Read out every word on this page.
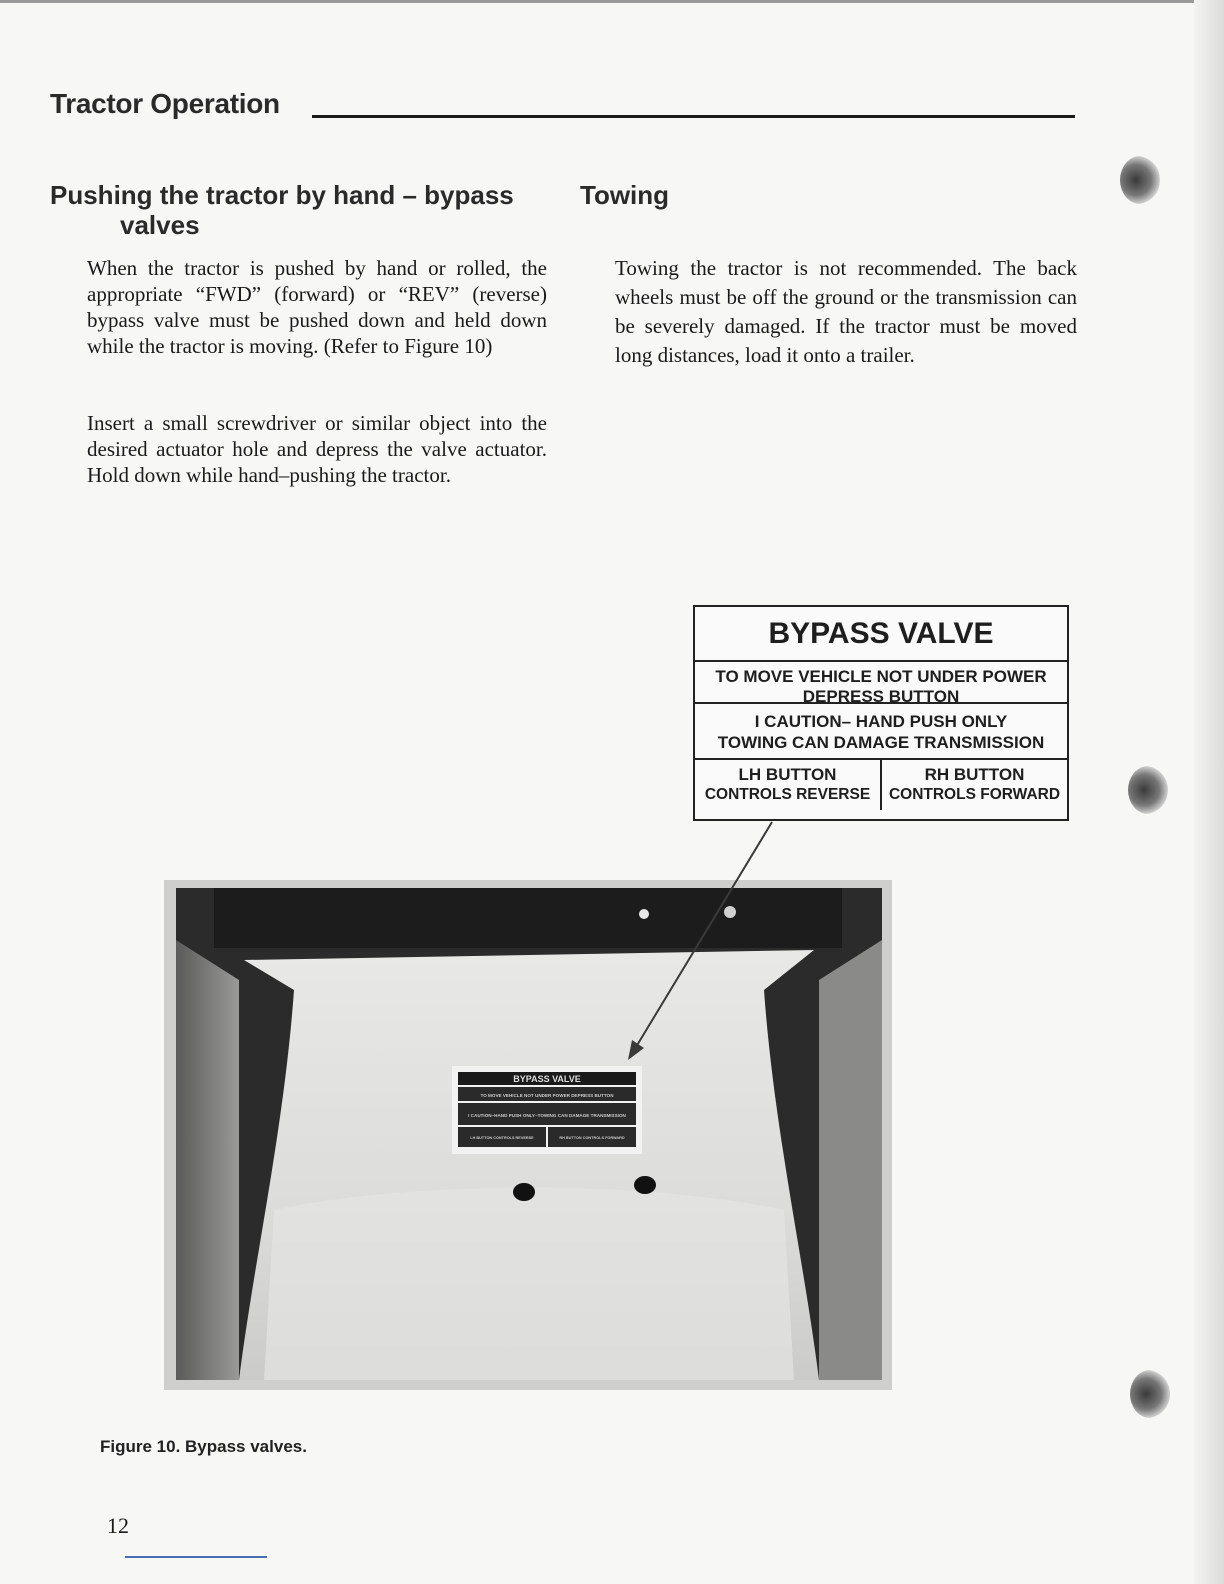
Tractor Operation
Pushing the tractor by hand – bypass
valves
Towing
When the tractor is pushed by hand or rolled, the appropriate “FWD” (forward) or “REV” (reverse) bypass valve must be pushed down and held down while the tractor is moving. (Refer to Figure 10)
Insert a small screwdriver or similar object into the desired actuator hole and depress the valve actuator. Hold down while hand–pushing the tractor.
Towing the tractor is not recommended. The back wheels must be off the ground or the transmission can be severely damaged. If the tractor must be moved long distances, load it onto a trailer.
BYPASS VALVE
TO MOVE VEHICLE NOT UNDER POWER
DEPRESS BUTTON
I CAUTION– HAND PUSH ONLY
TOWING CAN DAMAGE TRANSMISSION
LH BUTTON
CONTROLS REVERSE
RH BUTTON
CONTROLS FORWARD
BYPASS VALVE
TO MOVE VEHICLE NOT UNDER POWER DEPRESS BUTTON
I CAUTION–HAND PUSH ONLY–TOWING CAN DAMAGE TRANSMISSION
LH BUTTON CONTROLS REVERSE	RH BUTTON CONTROLS FORWARD
Figure 10. Bypass valves.
12
